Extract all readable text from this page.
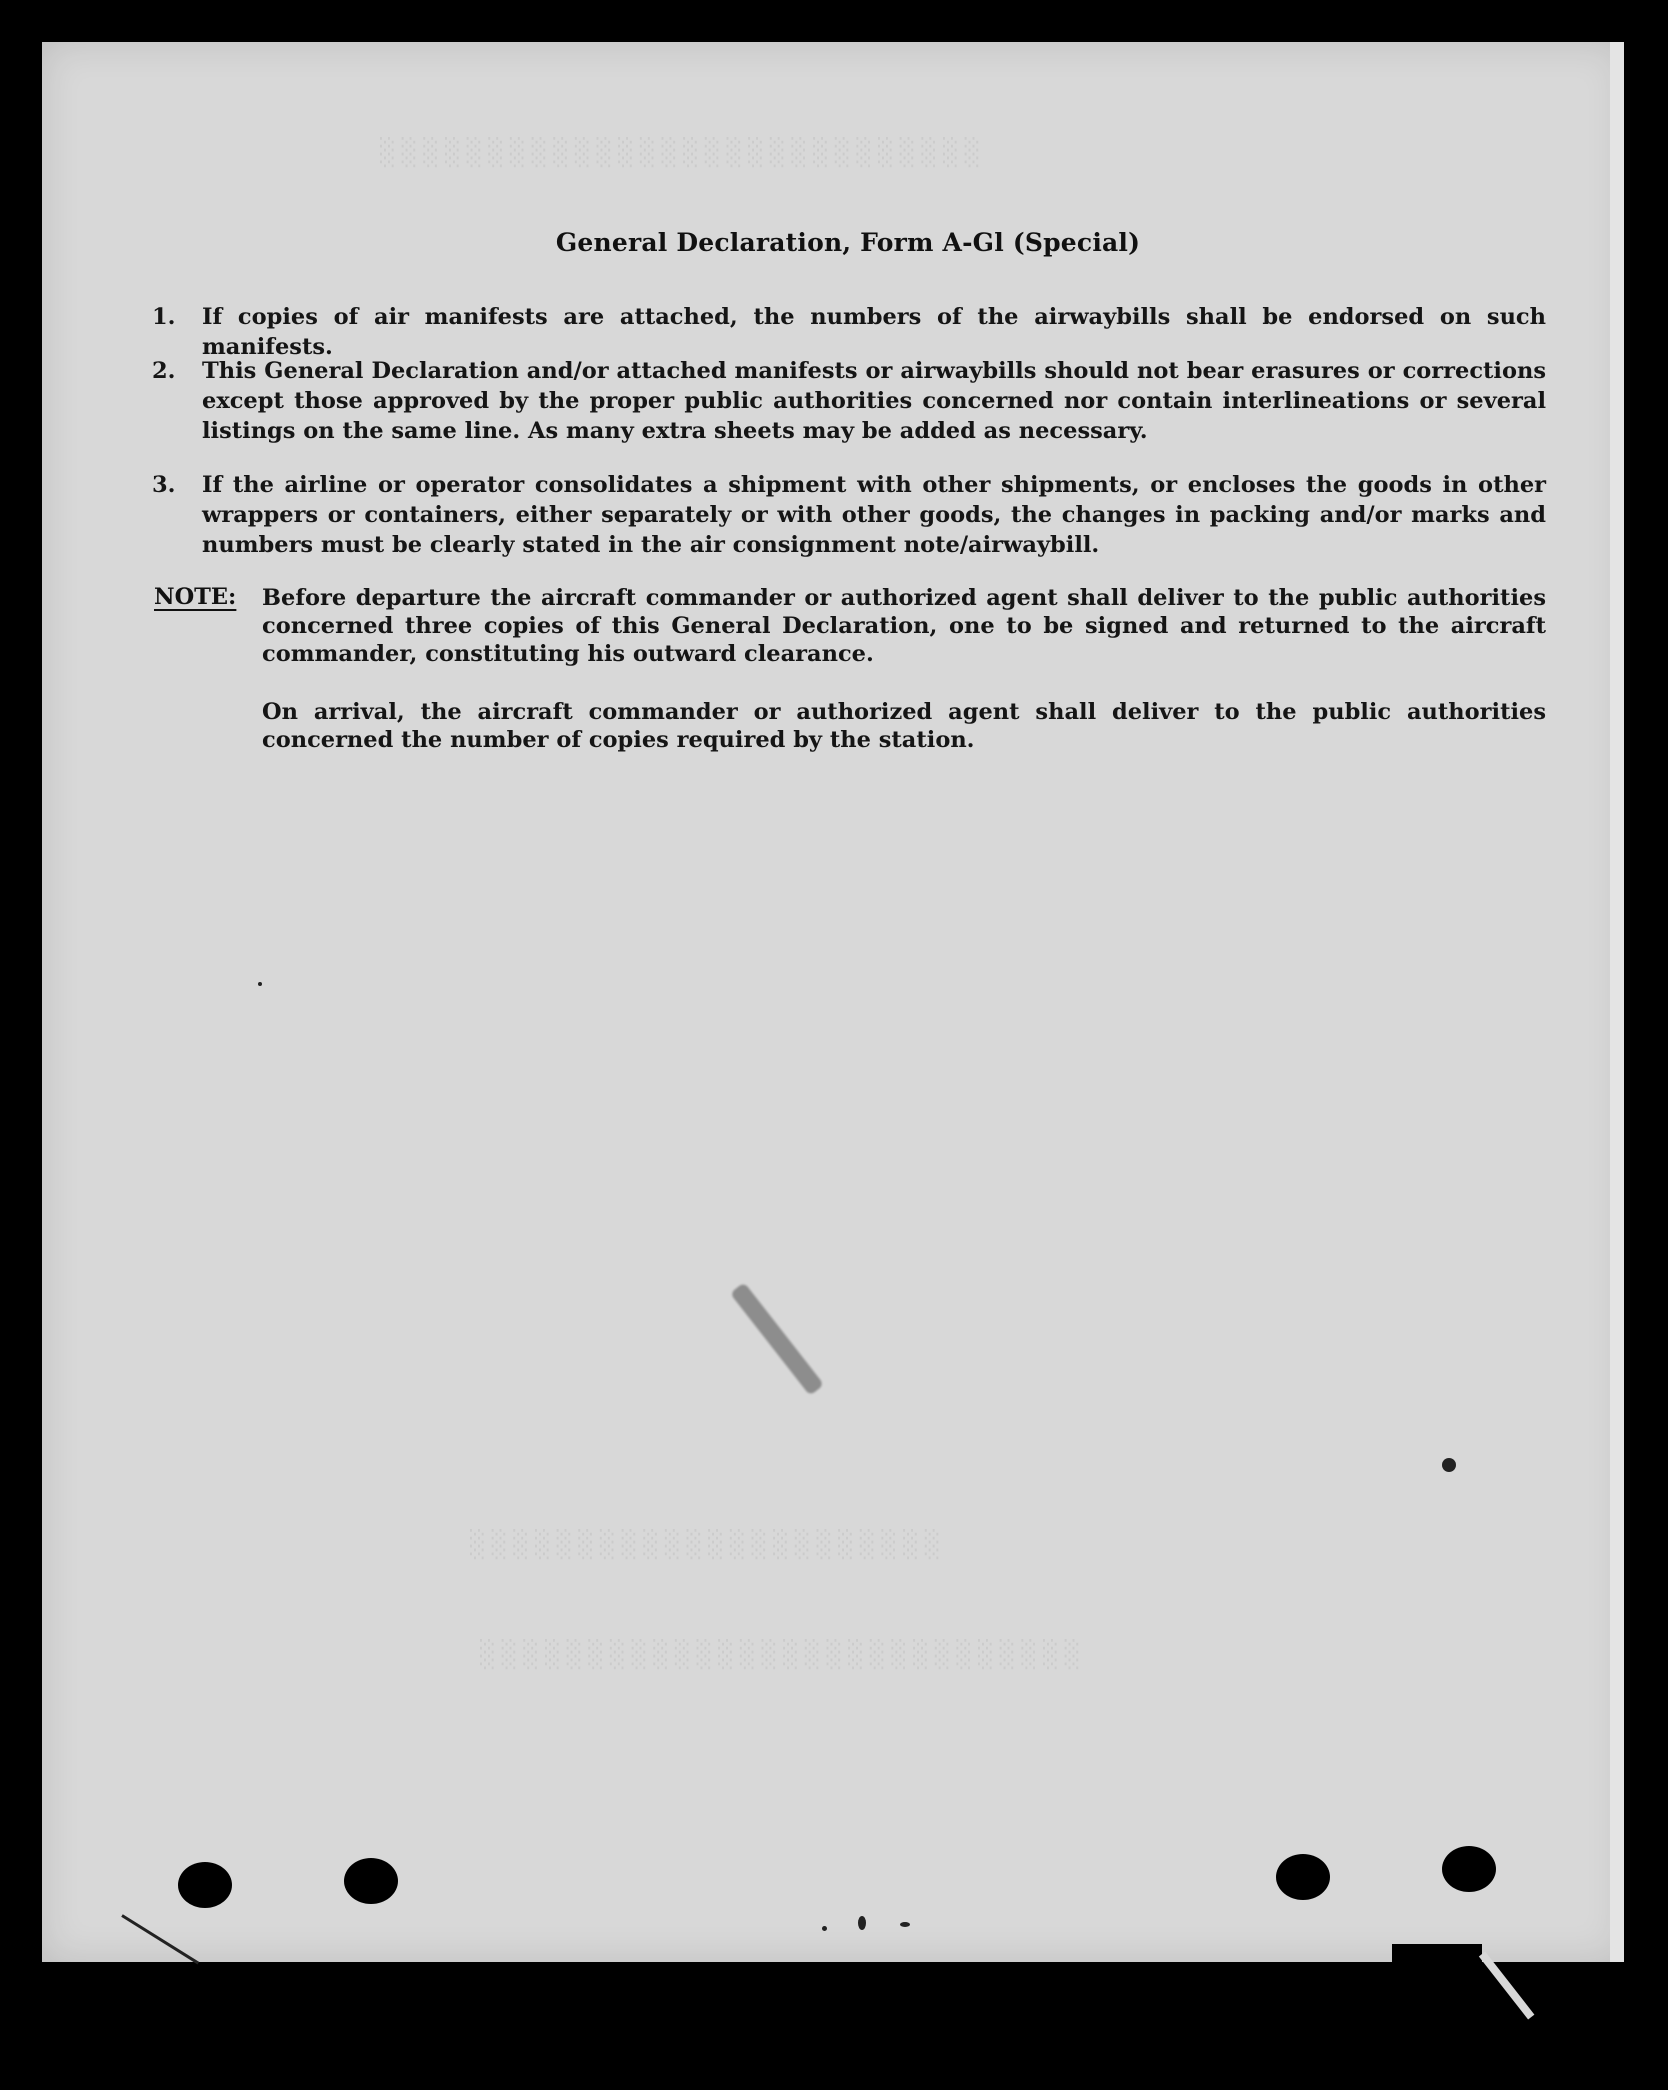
General Declaration, Form A-Gl (Special)
1.	If copies of air manifests are attached, the numbers of the airwaybills shall be endorsed on such manifests.
2.	This General Declaration and/or attached manifests or airwaybills should not bear erasures or corrections except those approved by the proper public authorities concerned nor contain interlineations or several listings on the same line. As many extra sheets may be added as necessary.
3.	If the airline or operator consolidates a shipment with other shipments, or encloses the goods in other wrappers or containers, either separately or with other goods, the changes in packing and/or marks and numbers must be clearly stated in the air consignment note/airwaybill.
NOTE: Before departure the aircraft commander or authorized agent shall deliver to the public authorities concerned three copies of this General Declaration, one to be signed and returned to the aircraft commander, constituting his outward clearance.
On arrival, the aircraft commander or authorized agent shall deliver to the public authorities concerned the number of copies required by the station.
░░░░░░░░░░░░░░░░░░░░░░░░░░░░
░░░░░░░░░░░░░░░░░░░░░░
░░░░░░░░░░░░░░░░░░░░░░░░░░░░
